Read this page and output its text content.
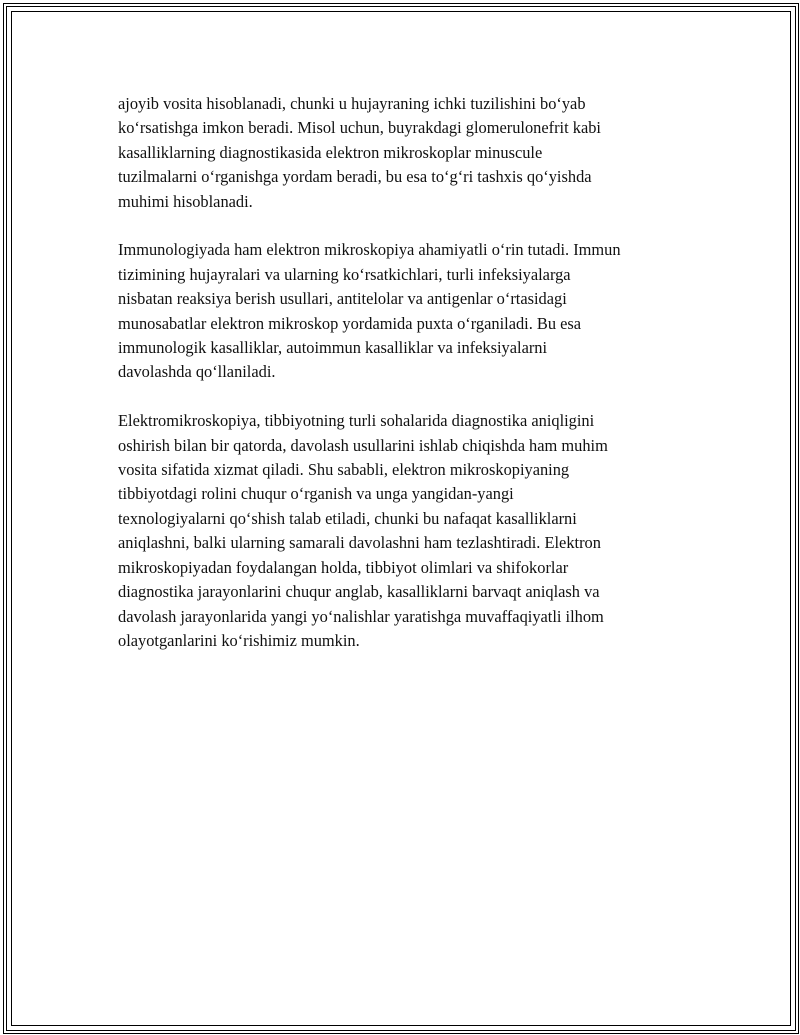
ajoyib vosita hisoblanadi, chunki u hujayraning ichki tuzilishini bo‘yab
ko‘rsatishga imkon beradi. Misol uchun, buyrakdagi glomerulonefrit kabi
kasalliklarning diagnostikasida elektron mikroskoplar minuscule
tuzilmalarni o‘rganishga yordam beradi, bu esa to‘g‘ri tashxis qo‘yishda
muhimi hisoblanadi.

Immunologiyada ham elektron mikroskopiya ahamiyatli o‘rin tutadi. Immun
tizimining hujayralari va ularning ko‘rsatkichlari, turli infeksiyalarga
nisbatan reaksiya berish usullari, antitelolar va antigenlar o‘rtasidagi
munosabatlar elektron mikroskop yordamida puxta o‘rganiladi. Bu esa
immunologik kasalliklar, autoimmun kasalliklar va infeksiyalarni
davolashda qo‘llaniladi.

Elektromikroskopiya, tibbiyotning turli sohalarida diagnostika aniqligini
oshirish bilan bir qatorda, davolash usullarini ishlab chiqishda ham muhim
vosita sifatida xizmat qiladi. Shu sababli, elektron mikroskopiyaning
tibbiyotdagi rolini chuqur o‘rganish va unga yangidan-yangi
texnologiyalarni qo‘shish talab etiladi, chunki bu nafaqat kasalliklarni
aniqlashni, balki ularning samarali davolashni ham tezlashtiradi. Elektron
mikroskopiyadan foydalangan holda, tibbiyot olimlari va shifokorlar
diagnostika jarayonlarini chuqur anglab, kasalliklarni barvaqt aniqlash va
davolash jarayonlarida yangi yo‘nalishlar yaratishga muvaffaqiyatli ilhom
olayotganlarini ko‘rishimiz mumkin.
